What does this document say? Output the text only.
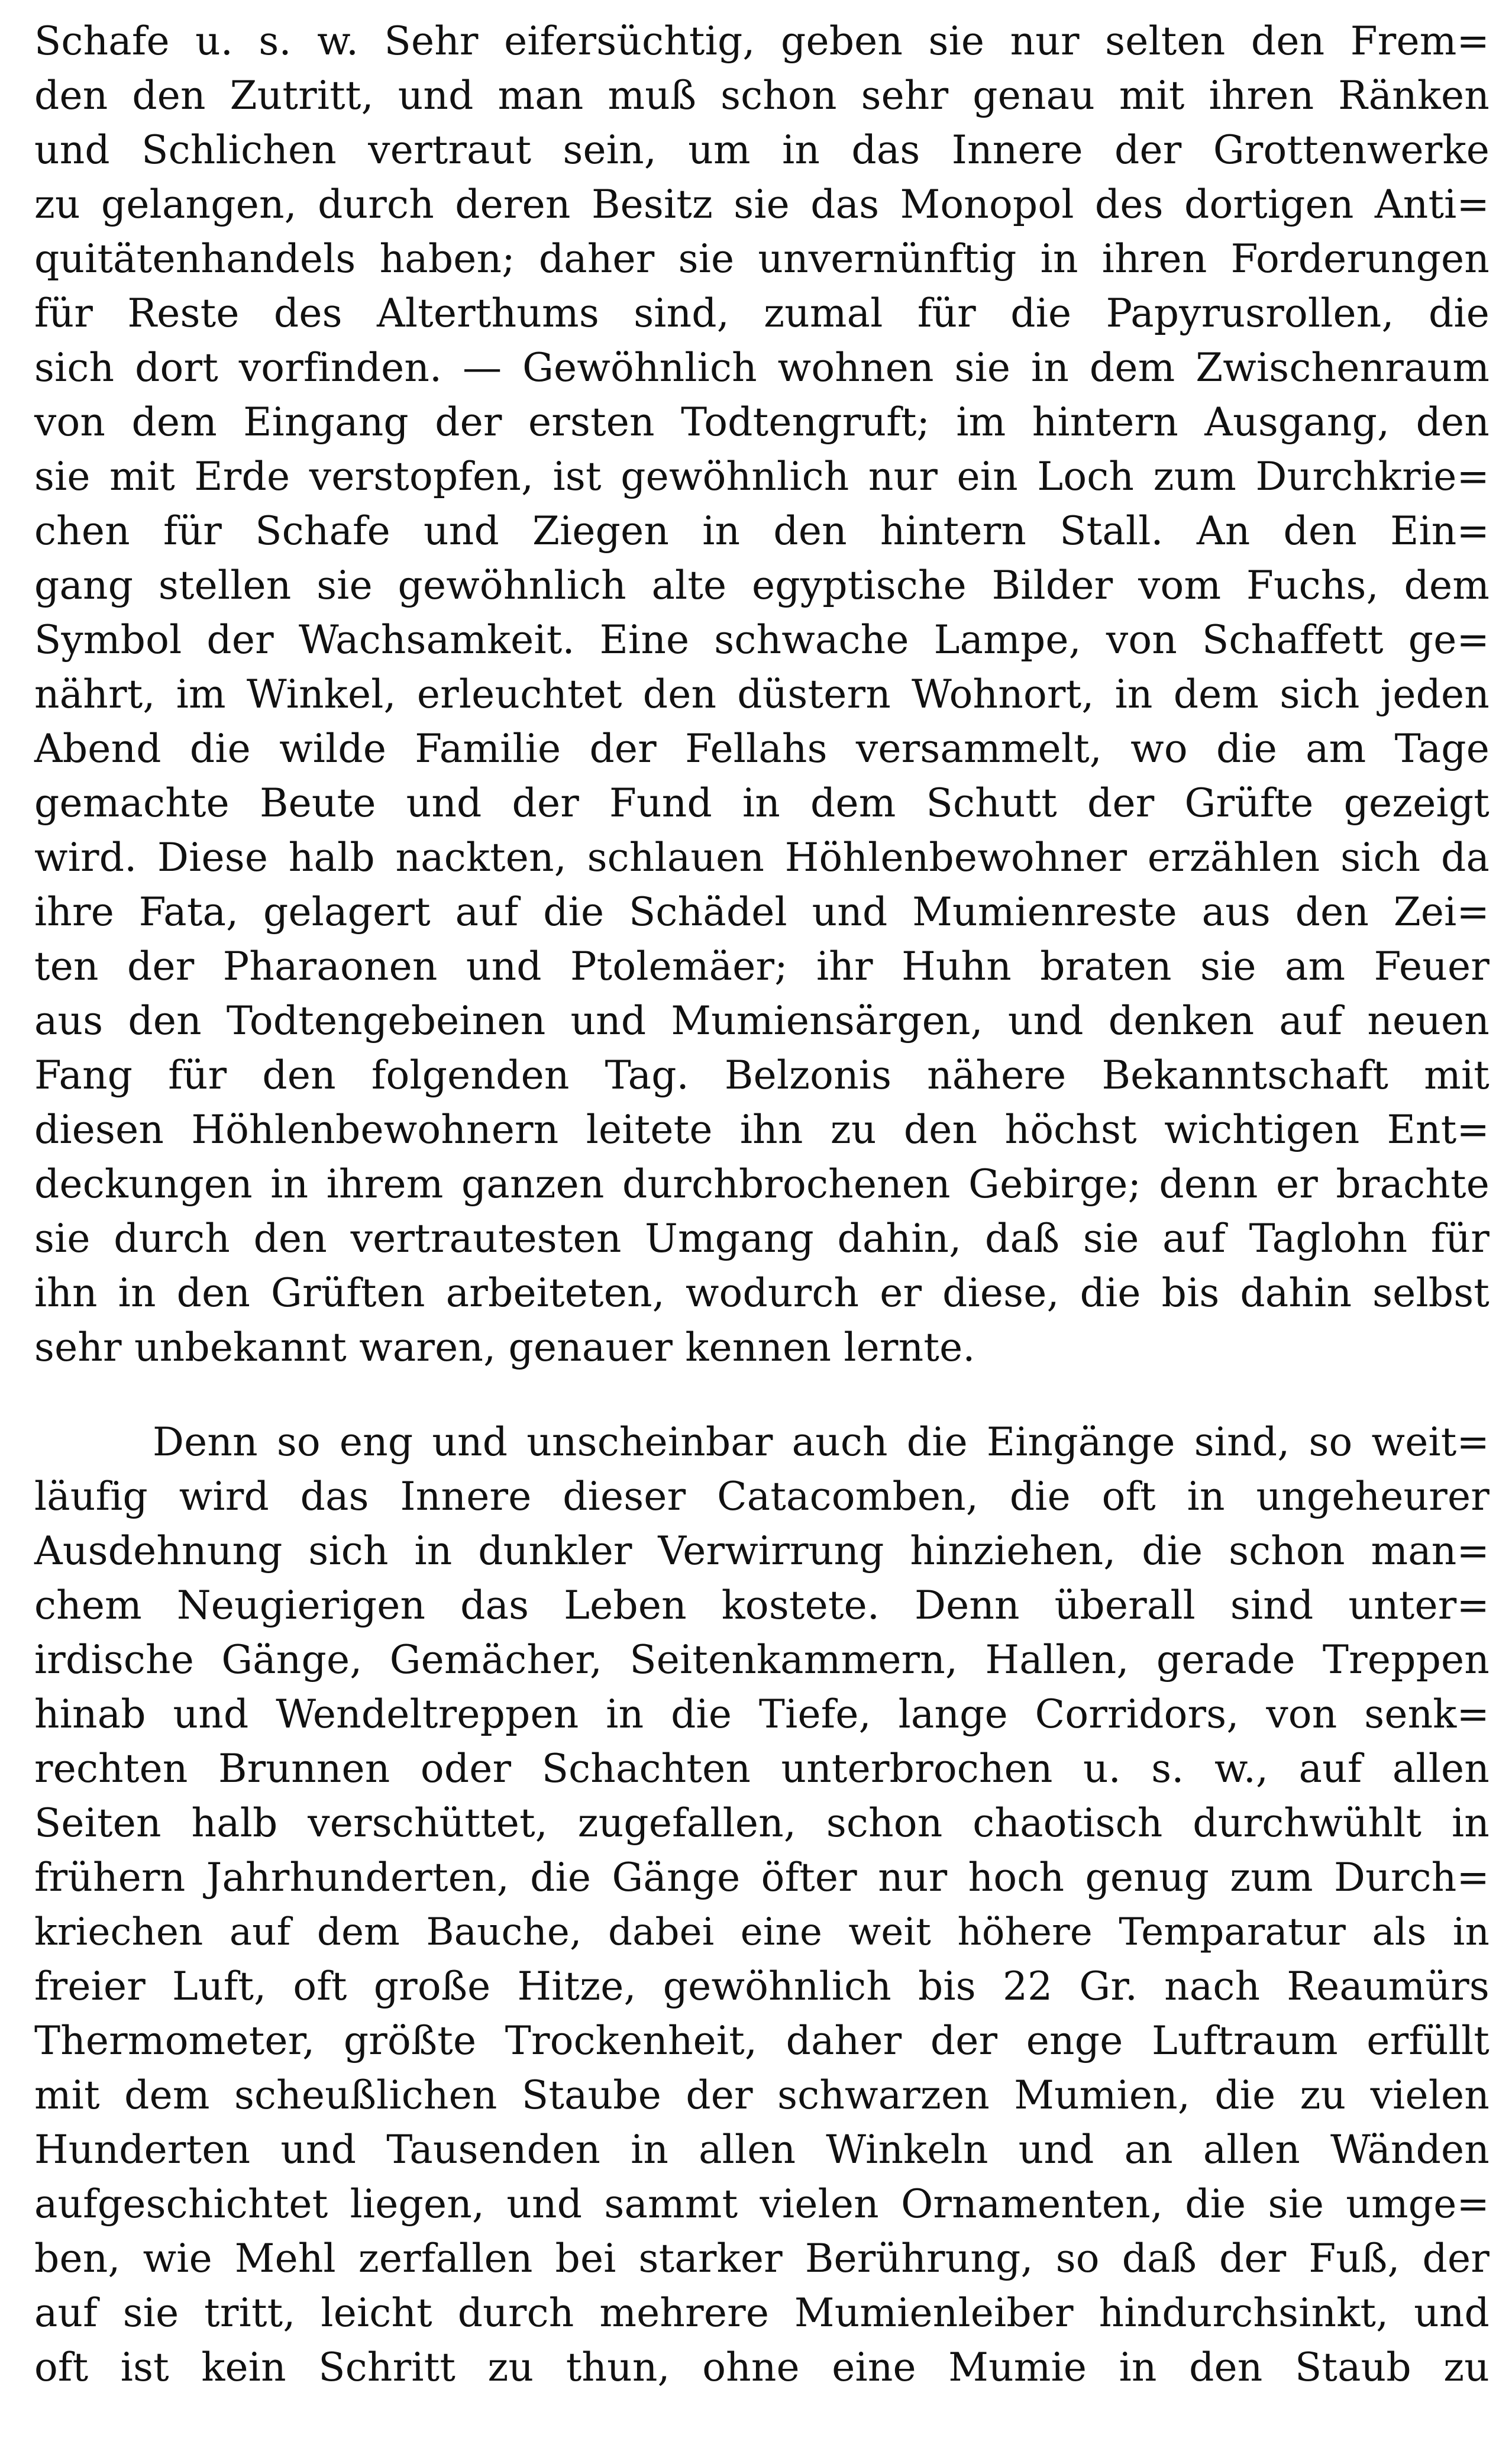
Schafe u. s. w. Sehr eifersüchtig, geben sie nur selten den Frem=
den den Zutritt, und man muß schon sehr genau mit ihren Ränken
und Schlichen vertraut sein, um in das Innere der Grottenwerke
zu gelangen, durch deren Besitz sie das Monopol des dortigen Anti=
quitätenhandels haben; daher sie unvernünftig in ihren Forderungen
für Reste des Alterthums sind, zumal für die Papyrusrollen, die
sich dort vorfinden. — Gewöhnlich wohnen sie in dem Zwischenraum
von dem Eingang der ersten Todtengruft; im hintern Ausgang, den
sie mit Erde verstopfen, ist gewöhnlich nur ein Loch zum Durchkrie=
chen für Schafe und Ziegen in den hintern Stall. An den Ein=
gang stellen sie gewöhnlich alte egyptische Bilder vom Fuchs, dem
Symbol der Wachsamkeit. Eine schwache Lampe, von Schaffett ge=
nährt, im Winkel, erleuchtet den düstern Wohnort, in dem sich jeden
Abend die wilde Familie der Fellahs versammelt, wo die am Tage
gemachte Beute und der Fund in dem Schutt der Grüfte gezeigt
wird. Diese halb nackten, schlauen Höhlenbewohner erzählen sich da
ihre Fata, gelagert auf die Schädel und Mumienreste aus den Zei=
ten der Pharaonen und Ptolemäer; ihr Huhn braten sie am Feuer
aus den Todtengebeinen und Mumiensärgen, und denken auf neuen
Fang für den folgenden Tag. Belzonis nähere Bekanntschaft mit
diesen Höhlenbewohnern leitete ihn zu den höchst wichtigen Ent=
deckungen in ihrem ganzen durchbrochenen Gebirge; denn er brachte
sie durch den vertrautesten Umgang dahin, daß sie auf Taglohn für
ihn in den Grüften arbeiteten, wodurch er diese, die bis dahin selbst
sehr unbekannt waren, genauer kennen lernte.
Denn so eng und unscheinbar auch die Eingänge sind, so weit=
läufig wird das Innere dieser Catacomben, die oft in ungeheurer
Ausdehnung sich in dunkler Verwirrung hinziehen, die schon man=
chem Neugierigen das Leben kostete. Denn überall sind unter=
irdische Gänge, Gemächer, Seitenkammern, Hallen, gerade Treppen
hinab und Wendeltreppen in die Tiefe, lange Corridors, von senk=
rechten Brunnen oder Schachten unterbrochen u. s. w., auf allen
Seiten halb verschüttet, zugefallen, schon chaotisch durchwühlt in
frühern Jahrhunderten, die Gänge öfter nur hoch genug zum Durch=
kriechen auf dem Bauche, dabei eine weit höhere Temparatur als in
freier Luft, oft große Hitze, gewöhnlich bis 22 Gr. nach Reaumürs
Thermometer, größte Trockenheit, daher der enge Luftraum erfüllt
mit dem scheußlichen Staube der schwarzen Mumien, die zu vielen
Hunderten und Tausenden in allen Winkeln und an allen Wänden
aufgeschichtet liegen, und sammt vielen Ornamenten, die sie umge=
ben, wie Mehl zerfallen bei starker Berührung, so daß der Fuß, der
auf sie tritt, leicht durch mehrere Mumienleiber hindurchsinkt, und
oft ist kein Schritt zu thun, ohne eine Mumie in den Staub zu
